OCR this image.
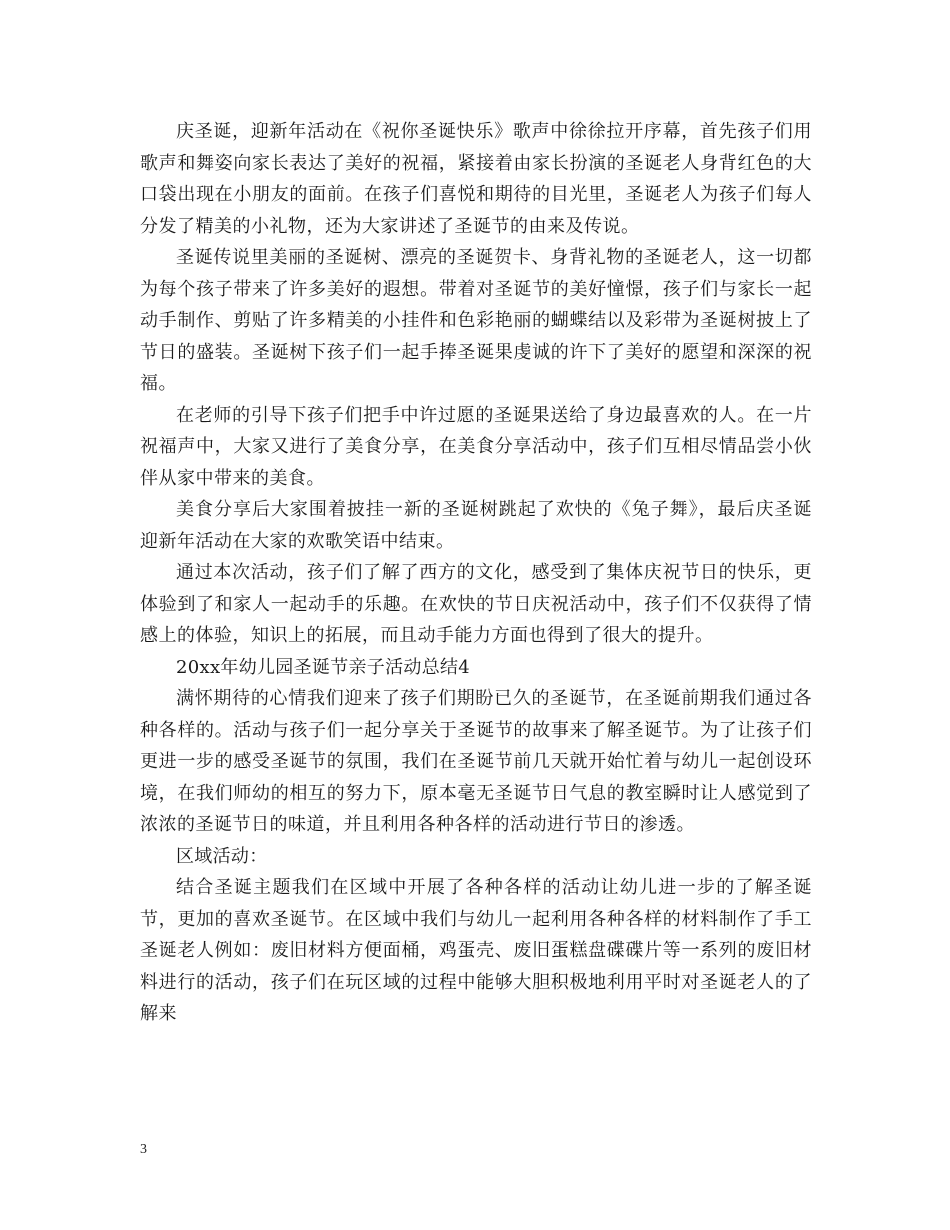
庆圣诞，迎新年活动在《祝你圣诞快乐》歌声中徐徐拉开序幕，首先孩子们用歌声和舞姿向家长表达了美好的祝福，紧接着由家长扮演的圣诞老人身背红色的大口袋出现在小朋友的面前。在孩子们喜悦和期待的目光里，圣诞老人为孩子们每人分发了精美的小礼物，还为大家讲述了圣诞节的由来及传说。

圣诞传说里美丽的圣诞树、漂亮的圣诞贺卡、身背礼物的圣诞老人，这一切都为每个孩子带来了许多美好的遐想。带着对圣诞节的美好憧憬，孩子们与家长一起动手制作、剪贴了许多精美的小挂件和色彩艳丽的蝴蝶结以及彩带为圣诞树披上了节日的盛装。圣诞树下孩子们一起手捧圣诞果虔诚的许下了美好的愿望和深深的祝福。

在老师的引导下孩子们把手中许过愿的圣诞果送给了身边最喜欢的人。在一片祝福声中，大家又进行了美食分享，在美食分享活动中，孩子们互相尽情品尝小伙伴从家中带来的美食。

美食分享后大家围着披挂一新的圣诞树跳起了欢快的《兔子舞》，最后庆圣诞迎新年活动在大家的欢歌笑语中结束。

通过本次活动，孩子们了解了西方的文化，感受到了集体庆祝节日的快乐，更体验到了和家人一起动手的乐趣。在欢快的节日庆祝活动中，孩子们不仅获得了情感上的体验，知识上的拓展，而且动手能力方面也得到了很大的提升。

20xx年幼儿园圣诞节亲子活动总结4

满怀期待的心情我们迎来了孩子们期盼已久的圣诞节，在圣诞前期我们通过各种各样的。活动与孩子们一起分享关于圣诞节的故事来了解圣诞节。为了让孩子们更进一步的感受圣诞节的氛围，我们在圣诞节前几天就开始忙着与幼儿一起创设环境，在我们师幼的相互的努力下，原本毫无圣诞节日气息的教室瞬时让人感觉到了浓浓的圣诞节日的味道，并且利用各种各样的活动进行节日的渗透。

区域活动：

结合圣诞主题我们在区域中开展了各种各样的活动让幼儿进一步的了解圣诞节，更加的喜欢圣诞节。在区域中我们与幼儿一起利用各种各样的材料制作了手工圣诞老人例如：废旧材料方便面桶，鸡蛋壳、废旧蛋糕盘碟碟片等一系列的废旧材料进行的活动，孩子们在玩区域的过程中能够大胆积极地利用平时对圣诞老人的了解来

3
